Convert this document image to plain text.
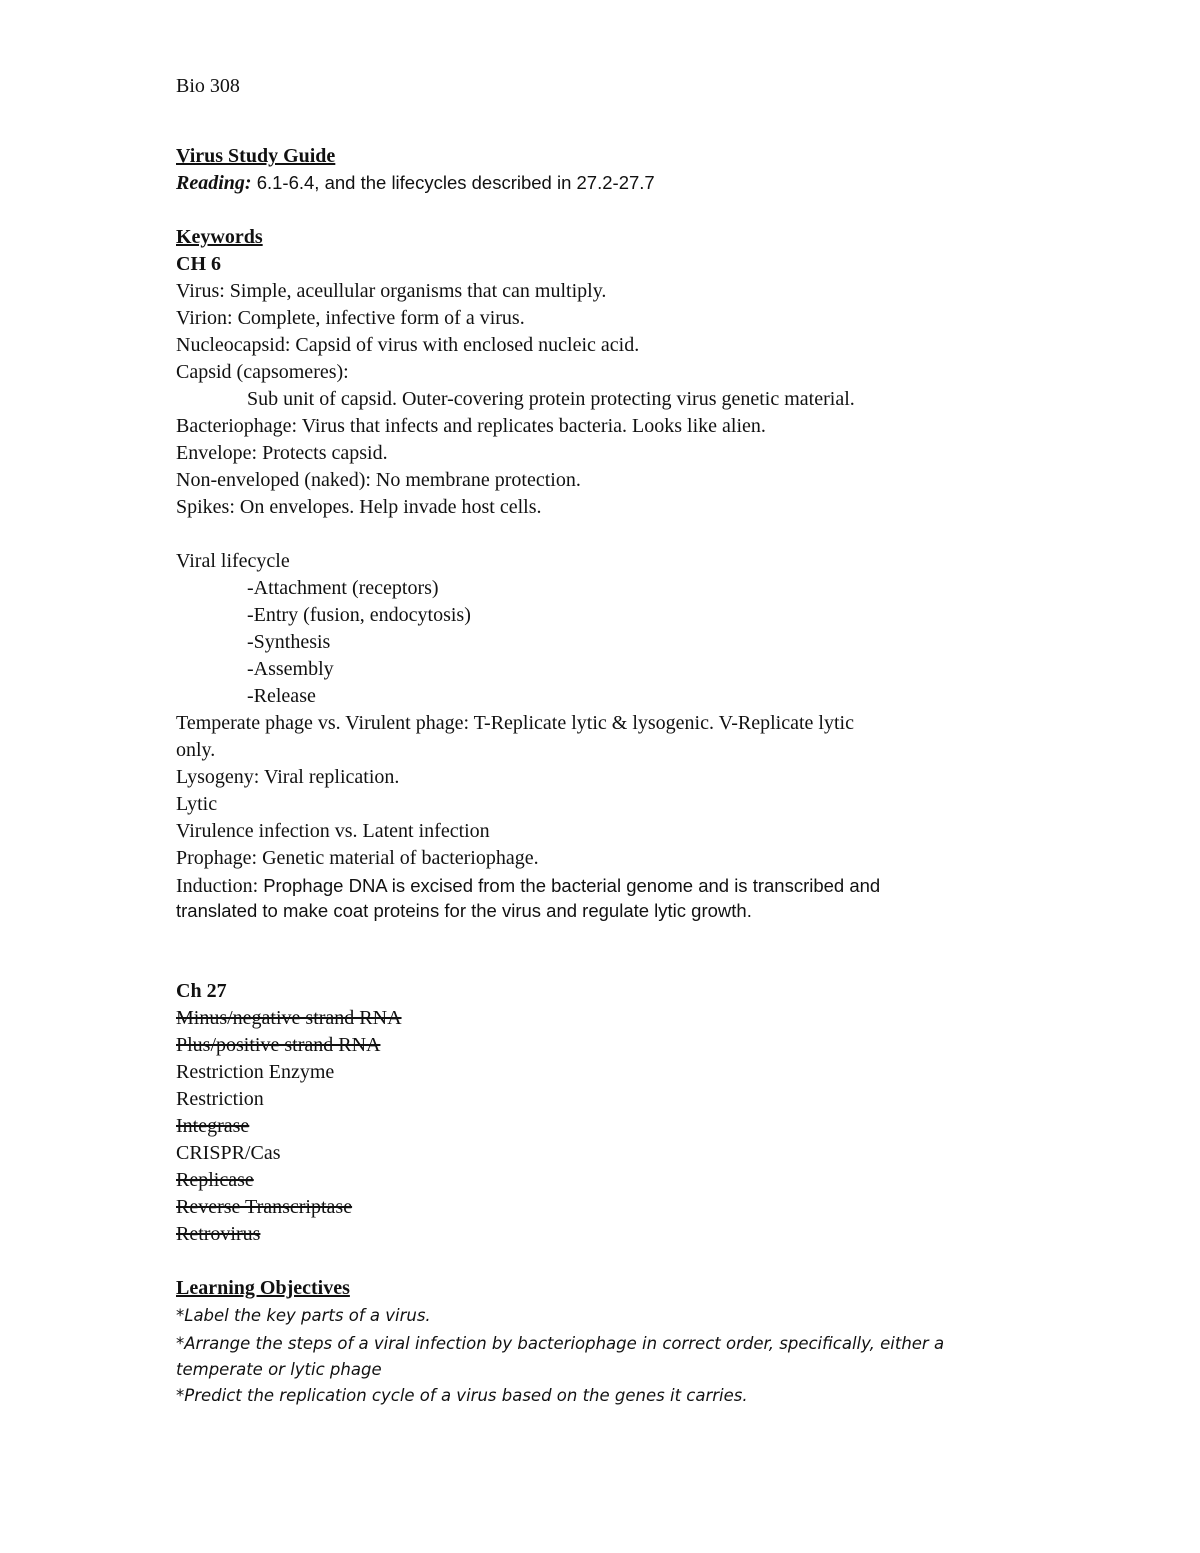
Bio 308
Virus Study Guide
Reading: 6.1-6.4, and the lifecycles described in 27.2-27.7
Keywords
CH 6
Virus: Simple, aceullular organisms that can multiply.
Virion: Complete, infective form of a virus.
Nucleocapsid: Capsid of virus with enclosed nucleic acid.
Capsid (capsomeres):
Sub unit of capsid. Outer-covering protein protecting virus genetic material.
Bacteriophage: Virus that infects and replicates bacteria. Looks like alien.
Envelope: Protects capsid.
Non-enveloped (naked): No membrane protection.
Spikes: On envelopes. Help invade host cells.
Viral lifecycle
-Attachment (receptors)
-Entry (fusion, endocytosis)
-Synthesis
-Assembly
-Release
Temperate phage vs. Virulent phage: T-Replicate lytic & lysogenic. V-Replicate lytic
only.
Lysogeny: Viral replication.
Lytic
Virulence infection vs. Latent infection
Prophage: Genetic material of bacteriophage.
Induction: Prophage DNA is excised from the bacterial genome and is transcribed and
translated to make coat proteins for the virus and regulate lytic growth.
Ch 27
Minus/negative strand RNA
Plus/positive strand RNA
Restriction Enzyme
Restriction
Integrase
CRISPR/Cas
Replicase
Reverse Transcriptase
Retrovirus
Learning Objectives
*Label the key parts of a virus.
*Arrange the steps of a viral infection by bacteriophage in correct order, specifically, either a
temperate or lytic phage
*Predict the replication cycle of a virus based on the genes it carries.
